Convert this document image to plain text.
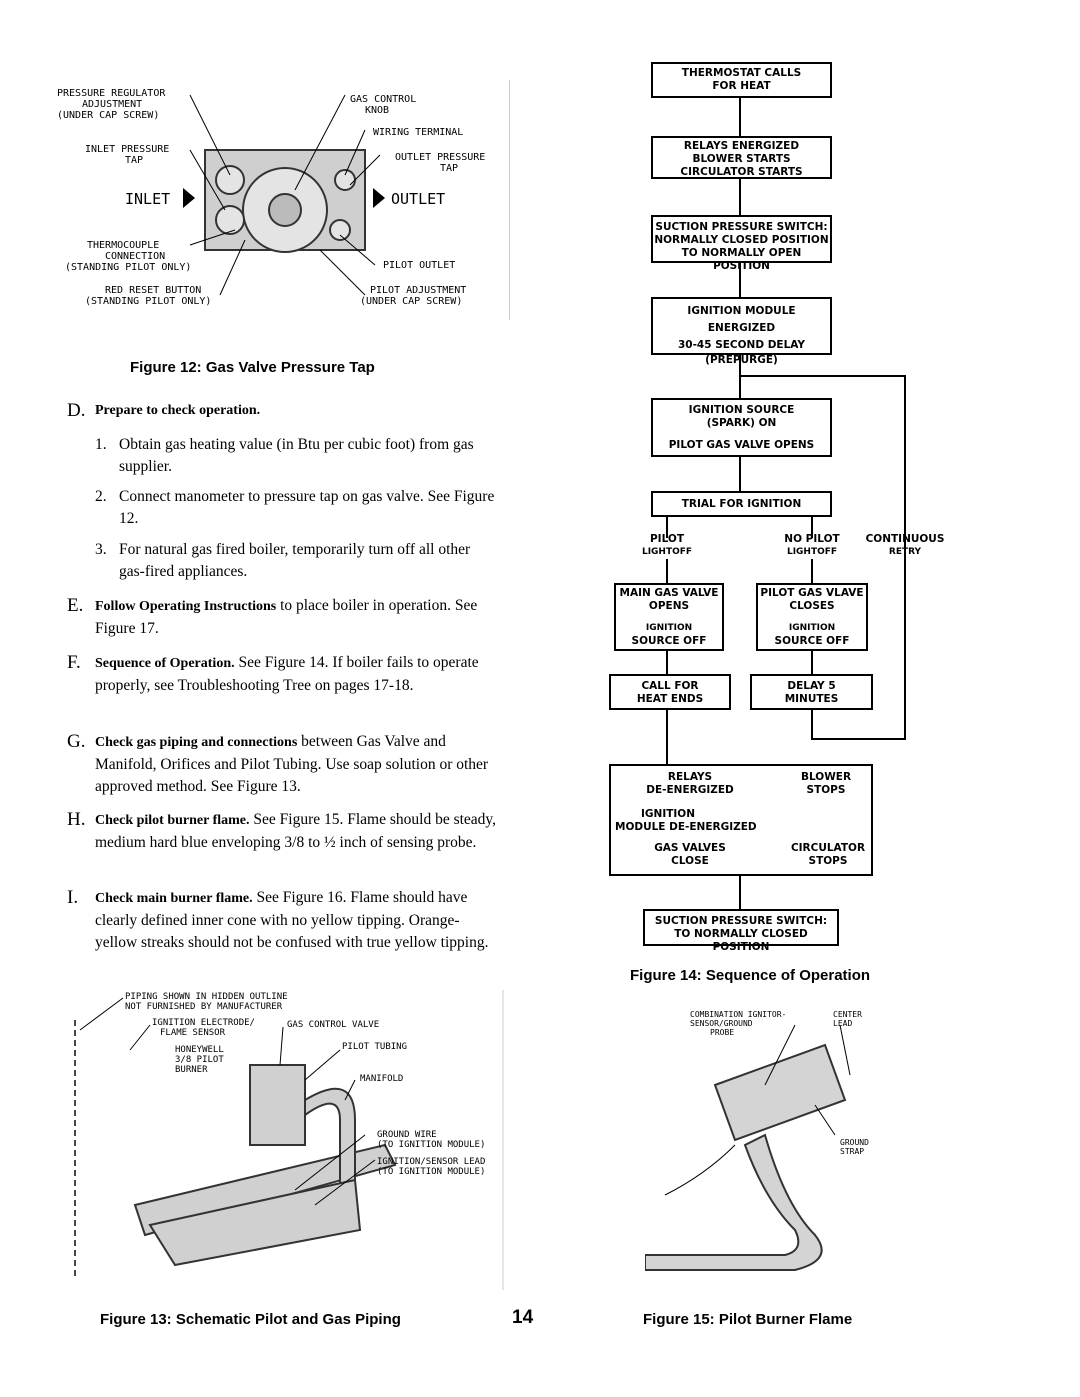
PRESSURE REGULATOR
ADJUSTMENT
(UNDER CAP SCREW)
GAS CONTROL
KNOB
WIRING TERMINAL
INLET PRESSURE
TAP	OUTLET PRESSURE
TAP
INLET	OUTLET
THERMOCOUPLE
CONNECTION
(STANDING PILOT ONLY)	PILOT OUTLET
RED RESET BUTTON
(STANDING PILOT ONLY)
PILOT ADJUSTMENT
(UNDER CAP SCREW)
Figure 12: Gas Valve Pressure Tap
D. Prepare to check operation.
1. Obtain gas heating value (in Btu per cubic foot) from gas supplier.
2. Connect manometer to pressure tap on gas valve. See Figure 12.
3. For natural gas fired boiler, temporarily turn off all other gas-fired appliances.
E. Follow Operating Instructions to place boiler in operation. See Figure 17.
F. Sequence of Operation. See Figure 14. If boiler fails to operate properly, see Troubleshooting Tree on pages 17-18.
G. Check gas piping and connections between Gas Valve and Manifold, Orifices and Pilot Tubing. Use soap solution or other approved method. See Figure 13.
H. Check pilot burner flame. See Figure 15. Flame should be steady, medium hard blue enveloping 3/8 to ½ inch of sensing probe.
I. Check main burner flame. See Figure 16. Flame should have clearly defined inner cone with no yellow tipping. Orange-yellow streaks should not be confused with true yellow tipping.
PIPING SHOWN IN HIDDEN OUTLINE
NOT FURNISHED BY MANUFACTURER
IGNITION ELECTRODE/
FLAME SENSOR
GAS CONTROL VALVE
HONEYWELL
3/8 PILOT
BURNER
PILOT TUBING
MANIFOLD
GROUND WIRE
(TO IGNITION MODULE)
IGNITION/SENSOR LEAD
(TO IGNITION MODULE)
Figure 13: Schematic Pilot and Gas Piping	14
THERMOSTAT CALLS
FOR HEAT
RELAYS ENERGIZED
BLOWER STARTS
CIRCULATOR STARTS
SUCTION PRESSURE SWITCH:
NORMALLY CLOSED POSITION
TO NORMALLY OPEN POSITION
IGNITION MODULE ENERGIZED
30-45 SECOND DELAY
(PREPURGE)
IGNITION SOURCE
(SPARK) ON
PILOT GAS VALVE OPENS
TRIAL FOR IGNITION
PILOT
LIGHTOFF
NO PILOT
LIGHTOFF
CONTINUOUS
RETRY
MAIN GAS VALVE
OPENS
IGNITION
SOURCE OFF
PILOT GAS VLAVE
CLOSES
IGNITION
SOURCE OFF
CALL FOR
HEAT ENDS
DELAY 5
MINUTES
RELAYS
DE-ENERGIZED
BLOWER
STOPS
IGNITION
MODULE DE-ENERGIZED
GAS VALVES
CLOSE
CIRCULATOR
STOPS
SUCTION PRESSURE SWITCH:
TO NORMALLY CLOSED POSITION
Figure 14: Sequence of Operation
COMBINATION IGNITOR-
SENSOR/GROUND
PROBE
CENTER
LEAD
GROUND
STRAP
Figure 15: Pilot Burner Flame
